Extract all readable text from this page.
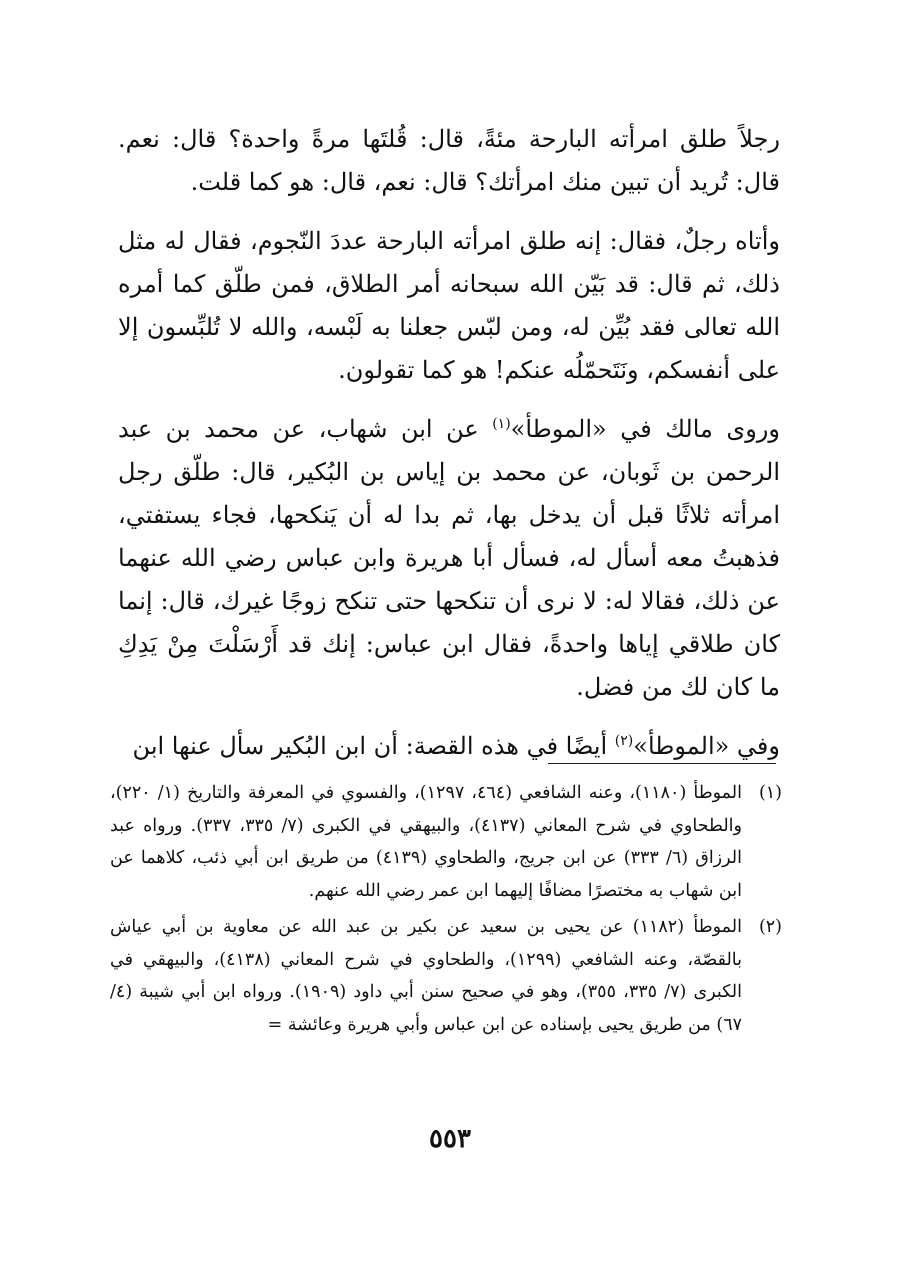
رجلاً طلق امرأته البارحة مئةً، قال: قُلتَها مرةً واحدة؟ قال: نعم. قال: تُريد أن تبين منك امرأتك؟ قال: نعم، قال: هو كما قلت.

وأتاه رجلٌ، فقال: إنه طلق امرأته البارحة عددَ النّجوم، فقال له مثل ذلك، ثم قال: قد بَيّن الله سبحانه أمر الطلاق، فمن طلّق كما أمره الله تعالى فقد بُيِّن له، ومن لبّس جعلنا به لَبْسه، والله لا تُلبِّسون إلا على أنفسكم، ونَتَحمّلُه عنكم! هو كما تقولون.

وروى مالك في «الموطأ»$^{(١)}$ عن ابن شهاب، عن محمد بن عبد الرحمن بن ثَوبان، عن محمد بن إياس بن البُكير، قال: طلّق رجل امرأته ثلاثًا قبل أن يدخل بها، ثم بدا له أن يَنكحها، فجاء يستفتي، فذهبتُ معه أسأل له، فسأل أبا هريرة وابن عباس رضي الله عنهما عن ذلك، فقالا له: لا نرى أن تنكحها حتى تنكح زوجًا غيرك، قال: إنما كان طلاقي إياها واحدةً، فقال ابن عباس: إنك قد أَرْسَلْتَ مِنْ يَدِكِ ما كان لك من فضل.

وفي «الموطأ»$^{(٢)}$ أيضًا في هذه القصة: أن ابن البُكير سأل عنها ابن

(١)
الموطأ (١١٨٠)، وعنه الشافعي (٤٦٤، ١٢٩٧)، والفسوي في المعرفة والتاريخ (١/ ٢٢٠)، والطحاوي في شرح المعاني (٤١٣٧)، والبيهقي في الكبرى (٧/ ٣٣٥، ٣٣٧). ورواه عبد الرزاق (٦/ ٣٣٣) عن ابن جريج، والطحاوي (٤١٣٩) من طريق ابن أبي ذئب، كلاهما عن ابن شهاب به مختصرًا مضافًا إليهما ابن عمر رضي الله عنهم.
(٢)
الموطأ (١١٨٢) عن يحيى بن سعيد عن بكير بن عبد الله عن معاوية بن أبي عياش بالقصّة، وعنه الشافعي (١٢٩٩)، والطحاوي في شرح المعاني (٤١٣٨)، والبيهقي في الكبرى (٧/ ٣٣٥، ٣٥٥)، وهو في صحيح سنن أبي داود (١٩٠٩). ورواه ابن أبي شيبة (٤/ ٦٧) من طريق يحيى بإسناده عن ابن عباس وأبي هريرة وعائشة =
٥٥٣
